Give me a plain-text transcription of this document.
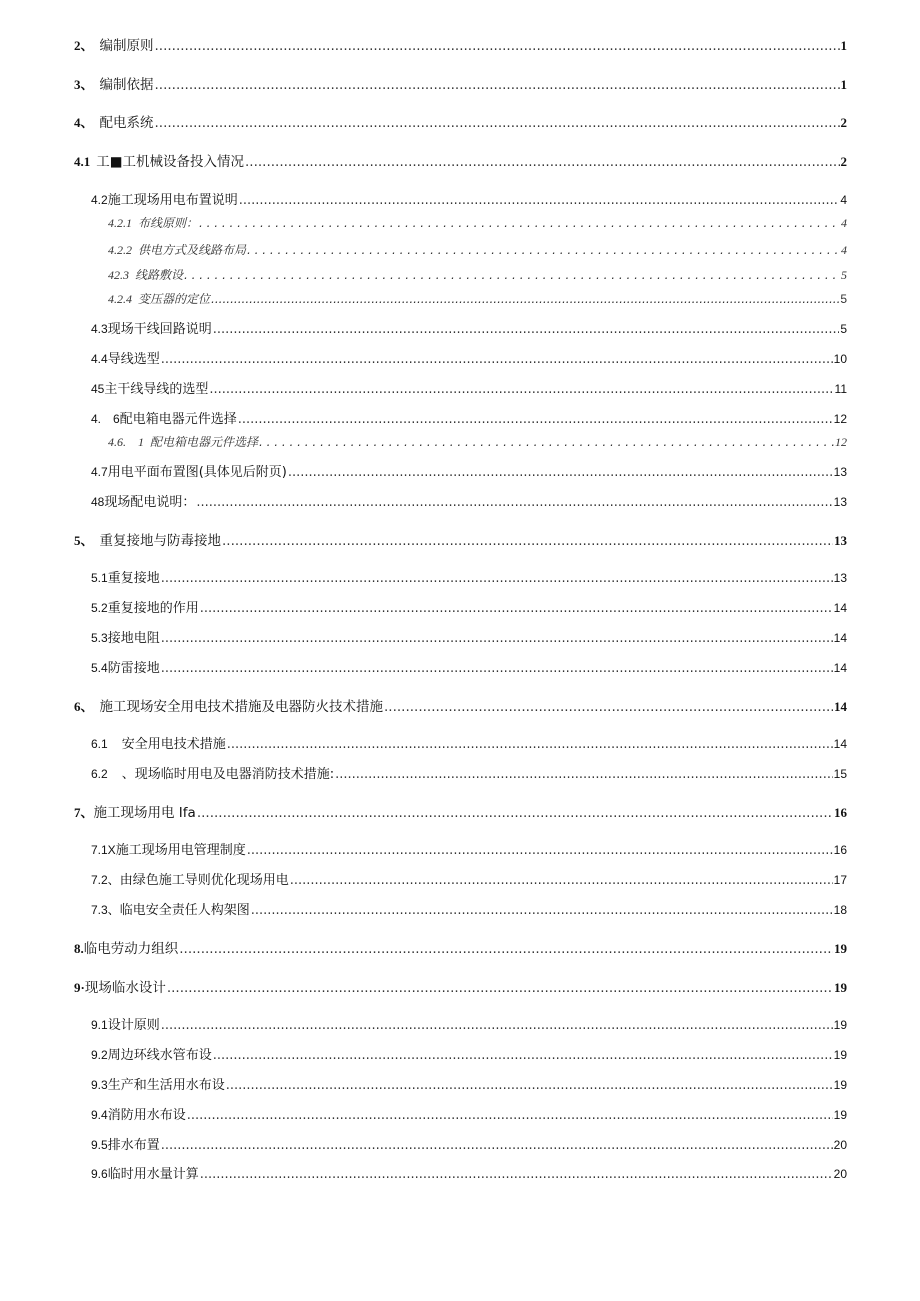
2、 编制原则 .....	1
3、 编制依据 .....	1
4、 配电系统 .....	2
4.1 工■工机械设备投入情况 .....	2
4.2 施工现场用电布置说明 .....	4
4.2.1 布线原则： . . .	4
4.2.2 供电方式及线路布局 . . .	4
42.3 线路敷设 . . .	5
4.2.4 变压器的定位 .....	5
4.3 现场干线回路说明 .....	5
4.4 导线选型 .....	10
45 主干线导线的选型 .....	11
4.　6 配电箱电器元件选择 .....	12
4.6.　1 配电箱电器元件选择 . . .	12
4.7 用电平面布置图(具体见后附页) .....	13
48 现场配电说明： .....	13
5、 重复接地与防毒接地 .....	13
5.1 重复接地 .....	13
5.2 重复接地的作用 .....	14
5.3 接地电阻 .....	14
5.4 防雷接地 .....	14
6、 施工现场安全用电技术措施及电器防火技术措施 .....	14
6.1 安全用电技术措施 .....	14
6.2 、现场临时用电及电器消防技术措施: .....	15
7、 施工现场用电 Ifa .....	16
7.1X 施工现场用电管理制度 .....	16
7.2、 由绿色施工导则优化现场用电 .....	17
7.3、 临电安全责任人构架图 .....	18
8. 临电劳动力组织 .....	19
9· 现场临水设计 .....	19
9.1 设计原则 .....	19
9.2 周边环线水管布设 .....	19
9.3 生产和生活用水布设 .....	19
9.4 消防用水布设 .....	19
9.5 排水布置 .....	20
9.6 临时用水量计算 .....	20
